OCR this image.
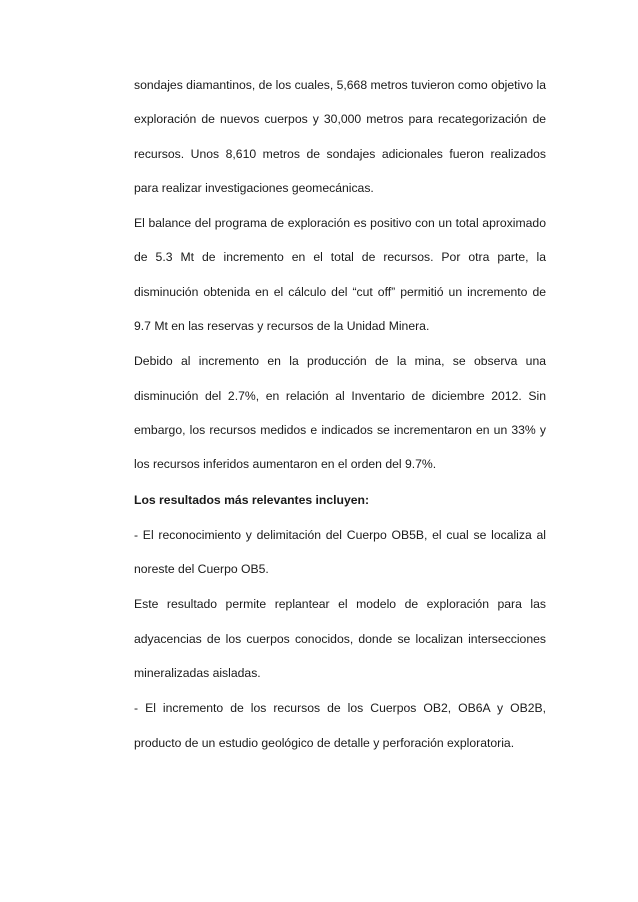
sondajes diamantinos, de los cuales, 5,668 metros tuvieron como objetivo la exploración de nuevos cuerpos y 30,000 metros para recategorización de recursos. Unos 8,610 metros de sondajes adicionales fueron realizados para realizar investigaciones geomecánicas.

El balance del programa de exploración es positivo con un total aproximado de 5.3 Mt de incremento en el total de recursos. Por otra parte, la disminución obtenida en el cálculo del “cut off” permitió un incremento de 9.7 Mt en las reservas y recursos de la Unidad Minera.

Debido al incremento en la producción de la mina, se observa una disminución del 2.7%, en relación al Inventario de diciembre 2012. Sin embargo, los recursos medidos e indicados se incrementaron en un 33% y los recursos inferidos aumentaron en el orden del 9.7%.

Los resultados más relevantes incluyen:

- El reconocimiento y delimitación del Cuerpo OB5B, el cual se localiza al noreste del Cuerpo OB5.

Este resultado permite replantear el modelo de exploración para las adyacencias de los cuerpos conocidos, donde se localizan intersecciones mineralizadas aisladas.

- El incremento de los recursos de los Cuerpos OB2, OB6A y OB2B, producto de un estudio geológico de detalle y perforación exploratoria.
